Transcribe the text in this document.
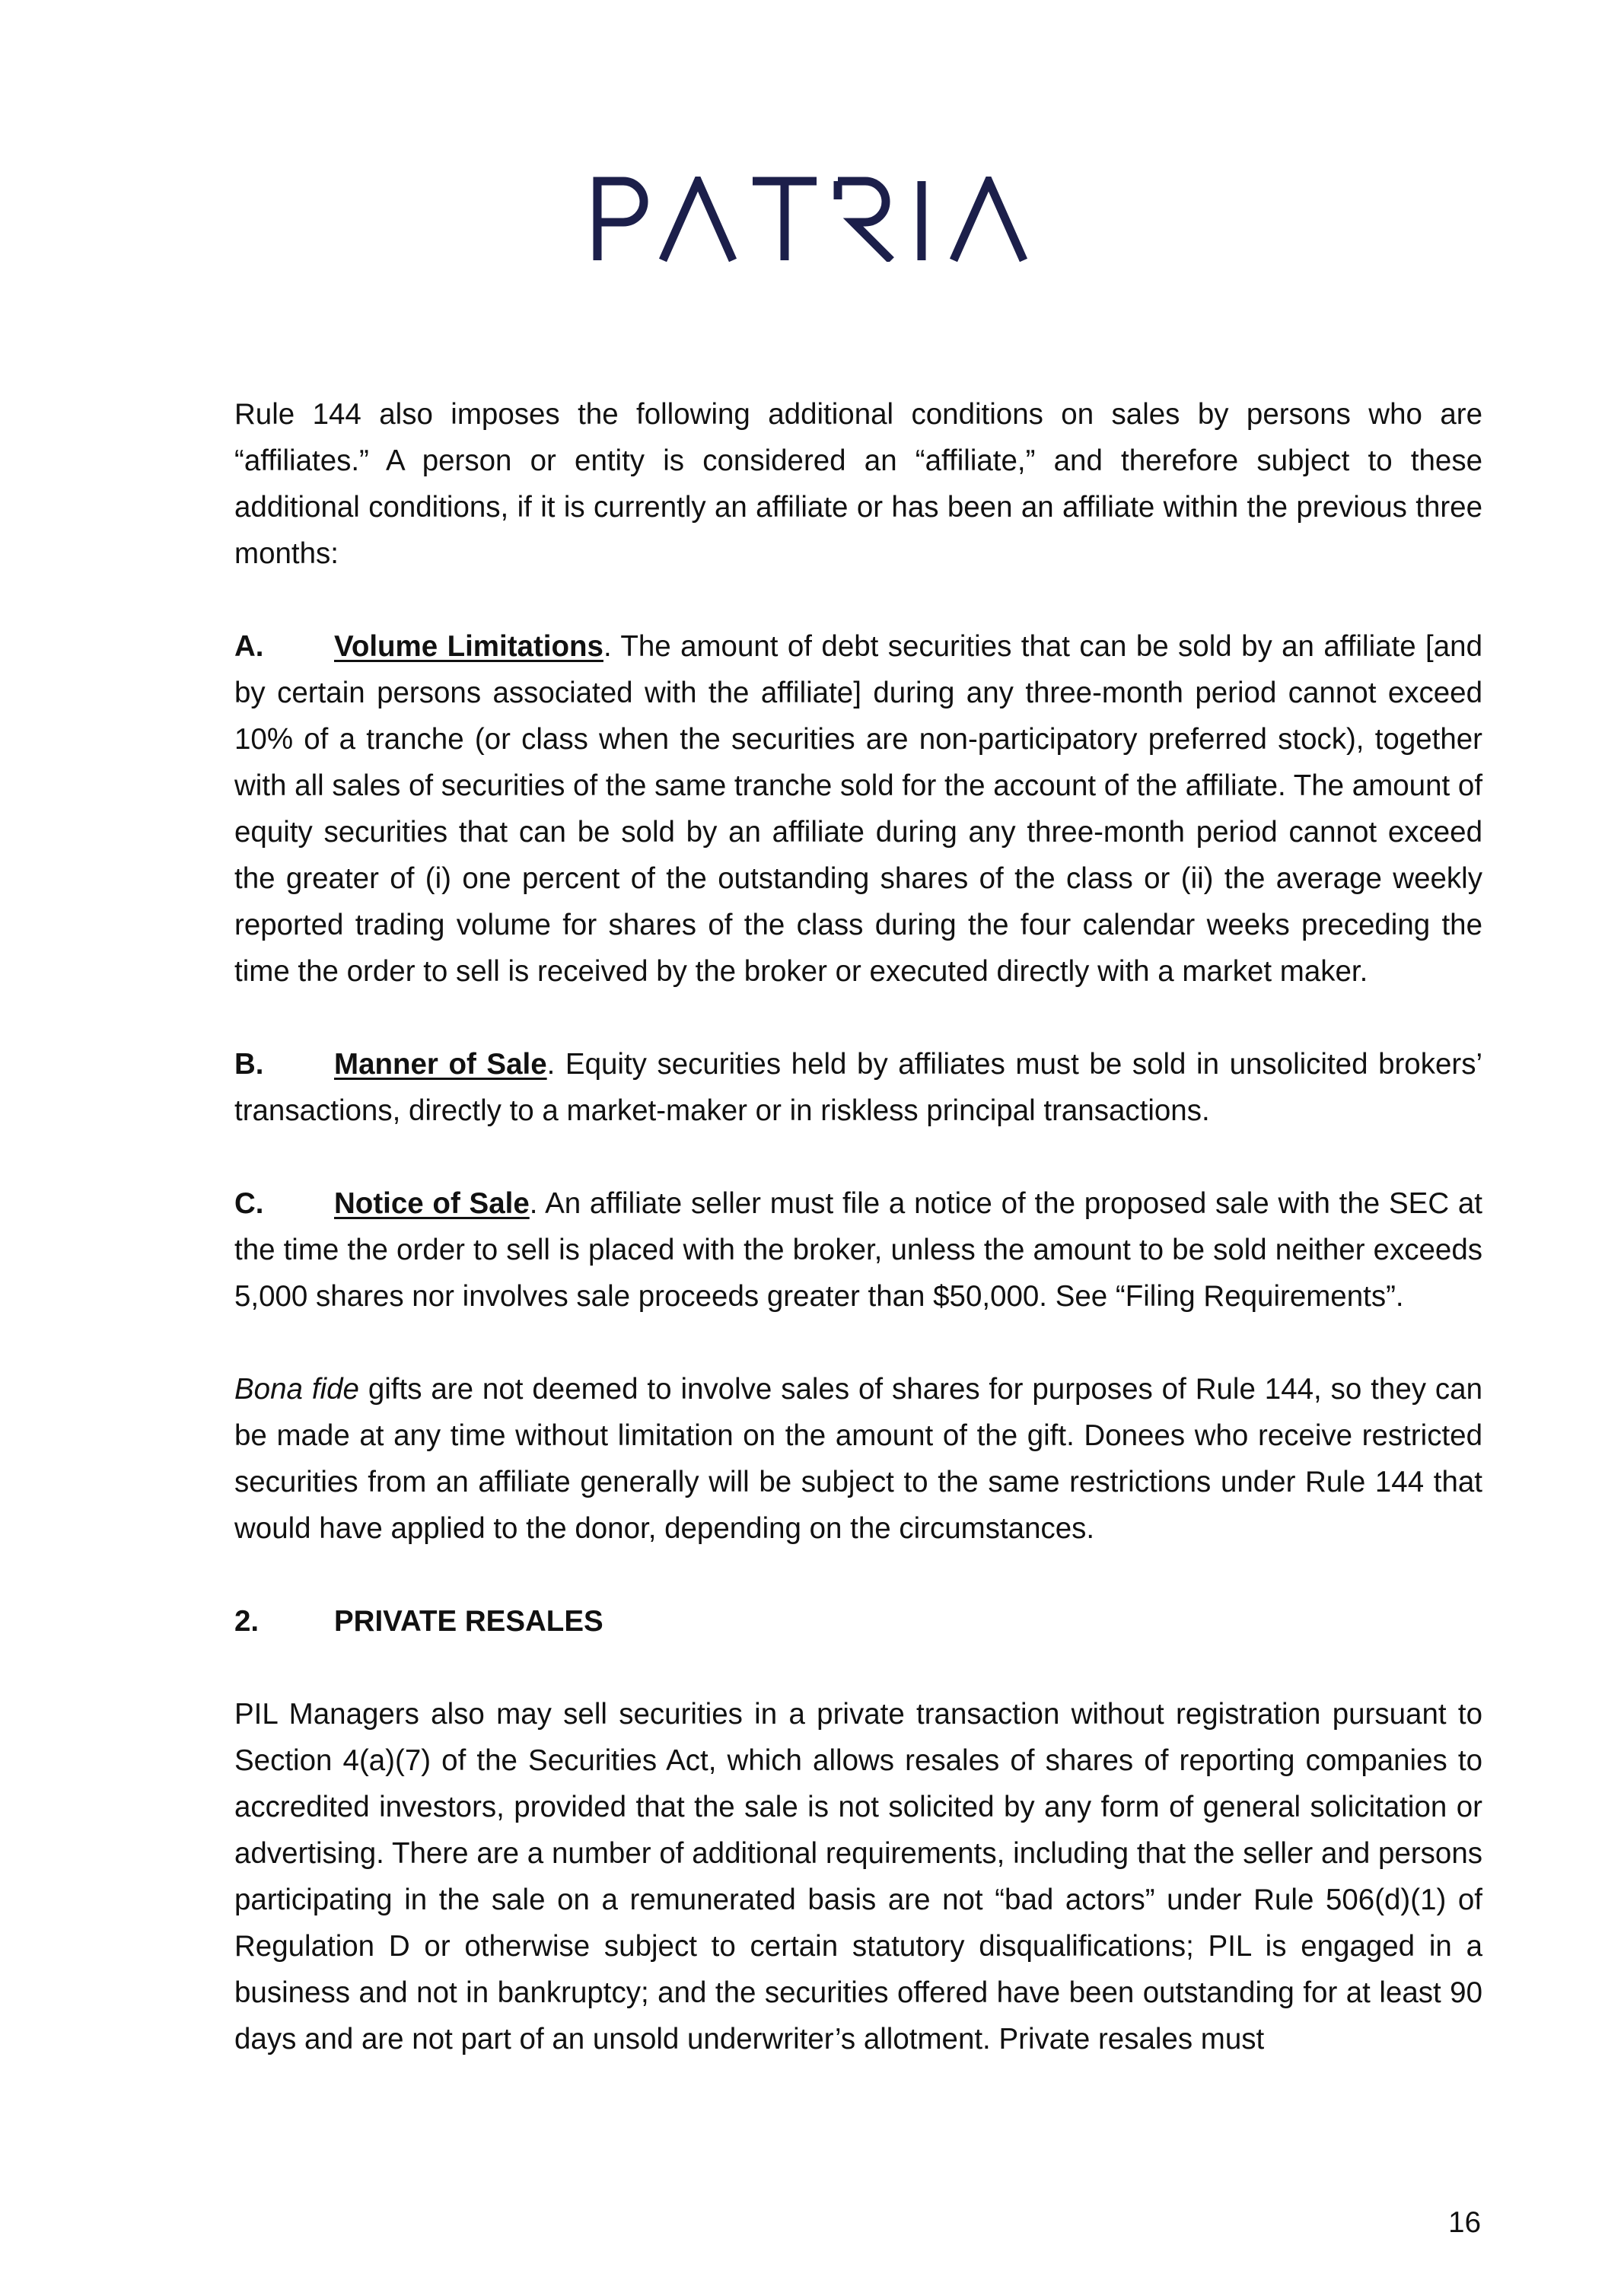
Rule 144 also imposes the following additional conditions on sales by persons who are “affiliates.” A person or entity is considered an “affiliate,” and therefore subject to these additional conditions, if it is currently an affiliate or has been an affiliate within the previous three months:

A. Volume Limitations. The amount of debt securities that can be sold by an affiliate [and by certain persons associated with the affiliate] during any three-month period cannot exceed 10% of a tranche (or class when the securities are non-participatory preferred stock), together with all sales of securities of the same tranche sold for the account of the affiliate. The amount of equity securities that can be sold by an affiliate during any three-month period cannot exceed the greater of (i) one percent of the outstanding shares of the class or (ii) the average weekly reported trading volume for shares of the class during the four calendar weeks preceding the time the order to sell is received by the broker or executed directly with a market maker.

B. Manner of Sale. Equity securities held by affiliates must be sold in unsolicited brokers’ transactions, directly to a market-maker or in riskless principal transactions.

C. Notice of Sale. An affiliate seller must file a notice of the proposed sale with the SEC at the time the order to sell is placed with the broker, unless the amount to be sold neither exceeds 5,000 shares nor involves sale proceeds greater than $50,000. See “Filing Requirements”.

Bona fide gifts are not deemed to involve sales of shares for purposes of Rule 144, so they can be made at any time without limitation on the amount of the gift. Donees who receive restricted securities from an affiliate generally will be subject to the same restrictions under Rule 144 that would have applied to the donor, depending on the circumstances.

2.	PRIVATE RESALES

PIL Managers also may sell securities in a private transaction without registration pursuant to Section 4(a)(7) of the Securities Act, which allows resales of shares of reporting companies to accredited investors, provided that the sale is not solicited by any form of general solicitation or advertising. There are a number of additional requirements, including that the seller and persons participating in the sale on a remunerated basis are not “bad actors” under Rule 506(d)(1) of Regulation D or otherwise subject to certain statutory disqualifications; PIL is engaged in a business and not in bankruptcy; and the securities offered have been outstanding for at least 90 days and are not part of an unsold underwriter’s allotment. Private resales must

16
